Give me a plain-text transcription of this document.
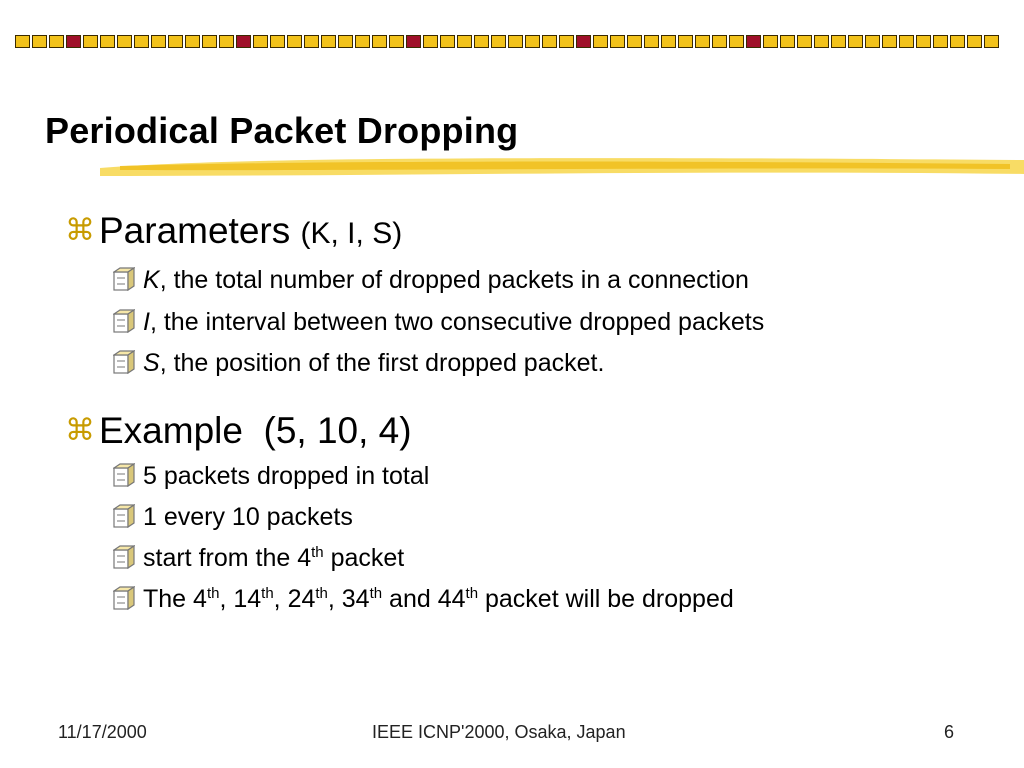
Periodical Packet Dropping
⌘ Parameters (K, I, S)
K, the total number of dropped packets in a connection
I, the interval between two consecutive dropped packets
S, the position of the first dropped packet.
⌘ Example  (5, 10, 4)
5 packets dropped in total
1 every 10 packets
start from the 4th packet
The 4th, 14th, 24th, 34th and 44th packet will be dropped
11/17/2000	IEEE ICNP'2000, Osaka, Japan	6
